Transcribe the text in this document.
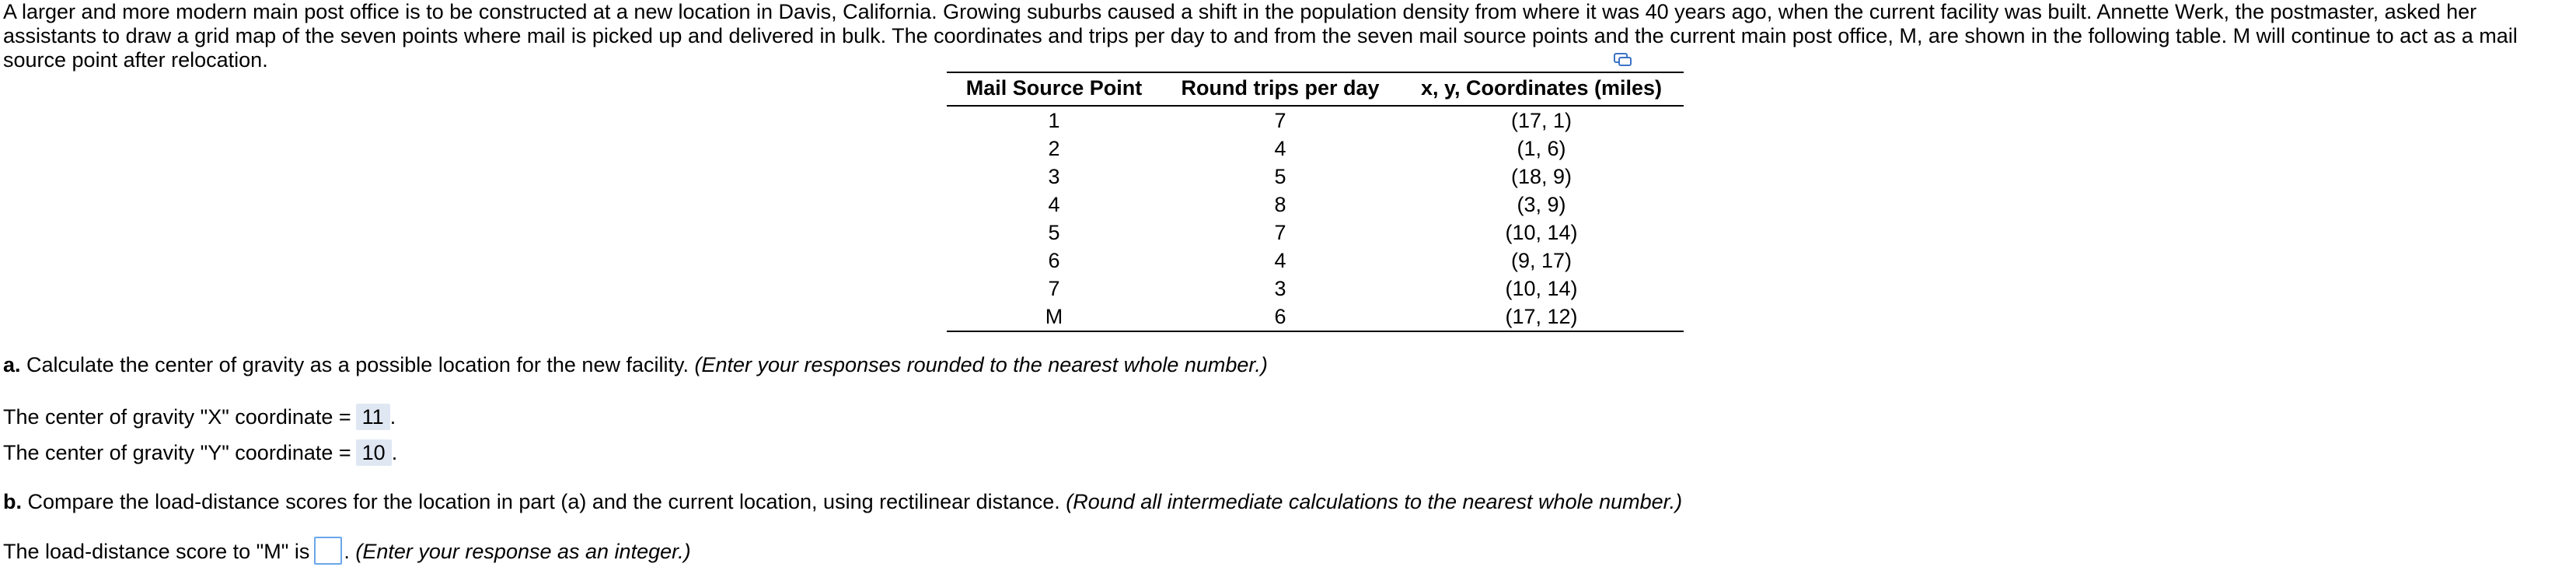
A larger and more modern main post office is to be constructed at a new location in Davis, California. Growing suburbs caused a shift in the population density from where it was 40 years ago, when the current facility was built. Annette Werk, the postmaster, asked her assistants to draw a grid map of the seven points where mail is picked up and delivered in bulk. The coordinates and trips per day to and from the seven mail source points and the current main post office, M, are shown in the following table. M will continue to act as a mail source point after relocation.

Mail Source Point	Round trips per day	x, y, Coordinates (miles)
1	7	(17, 1)
2	4	(1, 6)
3	5	(18, 9)
4	8	(3, 9)
5	7	(10, 14)
6	4	(9, 17)
7	3	(10, 14)
M	6	(17, 12)

a. Calculate the center of gravity as a possible location for the new facility. (Enter your responses rounded to the nearest whole number.)

The center of gravity "X" coordinate = 11 .
The center of gravity "Y" coordinate = 10 .

b. Compare the load-distance scores for the location in part (a) and the current location, using rectilinear distance. (Round all intermediate calculations to the nearest whole number.)

The load-distance score to "M" is . (Enter your response as an integer.)
